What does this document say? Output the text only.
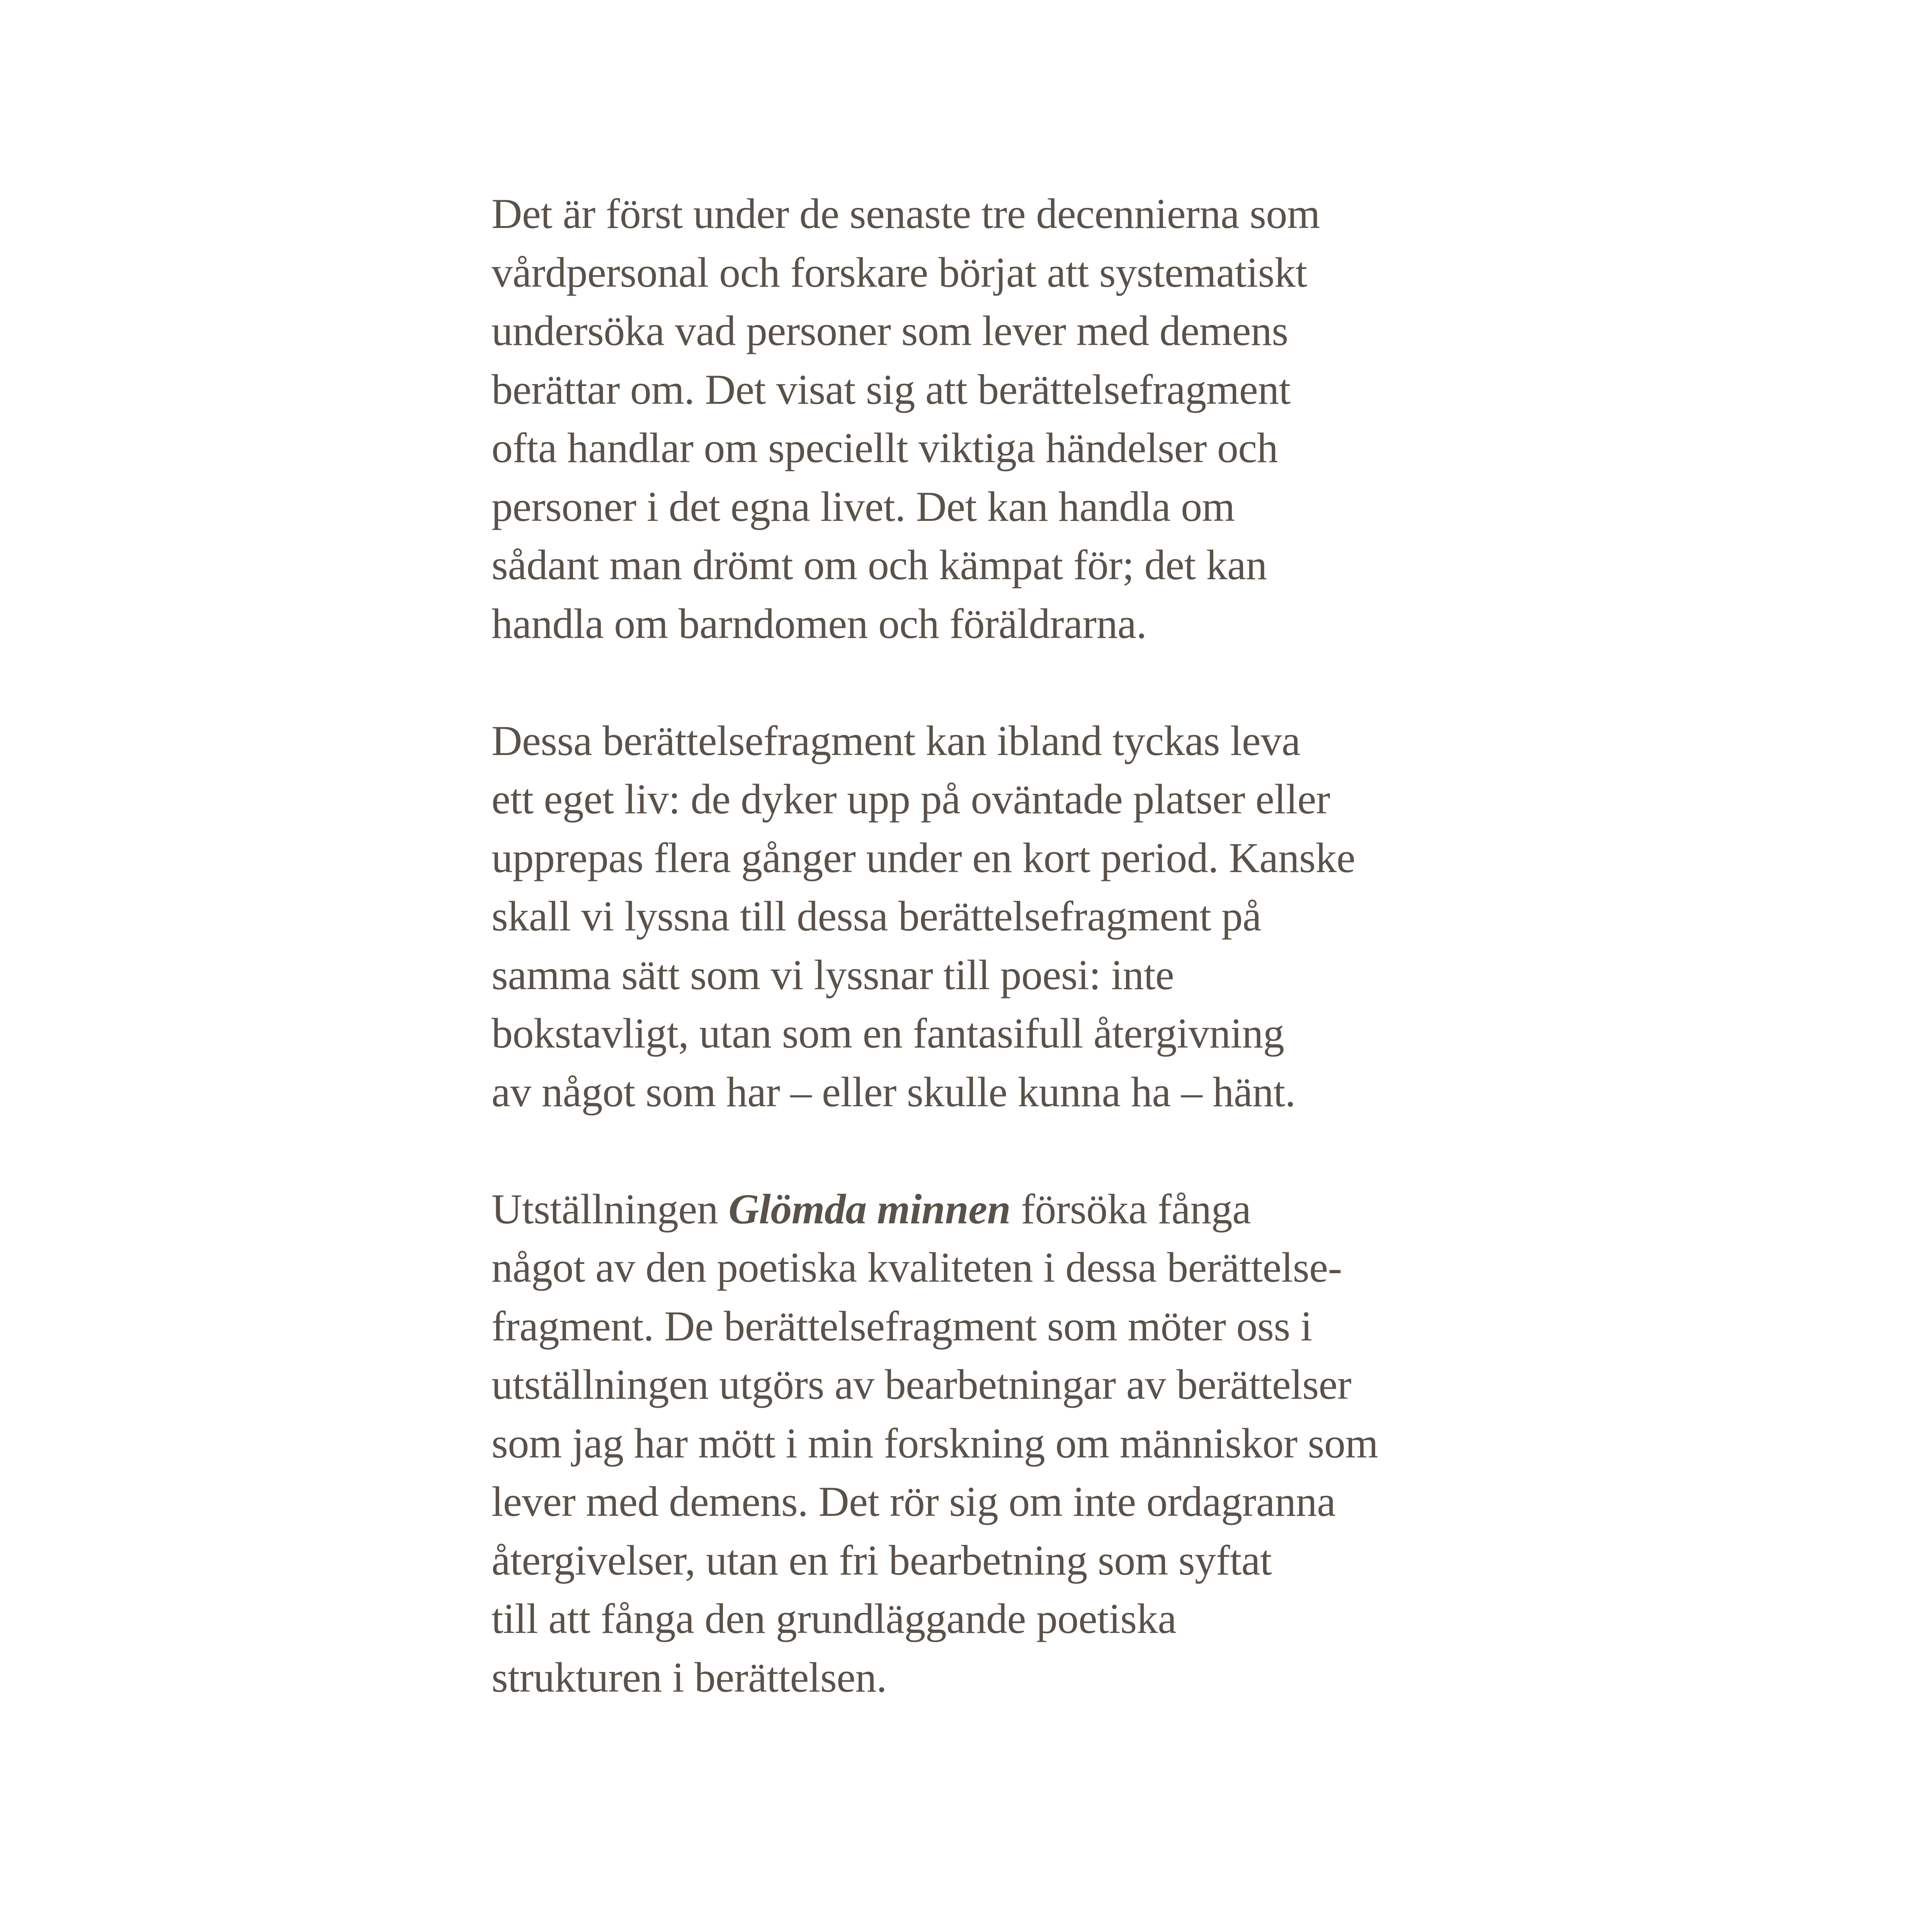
Det är först under de senaste tre decennierna som
vårdpersonal och forskare börjat att systematiskt
undersöka vad personer som lever med demens
berättar om. Det visat sig att berättelsefragment
ofta handlar om speciellt viktiga händelser och
personer i det egna livet. Det kan handla om
sådant man drömt om och kämpat för; det kan
handla om barndomen och föräldrarna.

Dessa berättelsefragment kan ibland tyckas leva
ett eget liv: de dyker upp på oväntade platser eller
upprepas flera gånger under en kort period. Kanske
skall vi lyssna till dessa berättelsefragment på
samma sätt som vi lyssnar till poesi: inte
bokstavligt, utan som en fantasifull återgivning
av något som har – eller skulle kunna ha – hänt.

Utställningen Glömda minnen försöka fånga
något av den poetiska kvaliteten i dessa berättelse-
fragment. De berättelsefragment som möter oss i
utställningen utgörs av bearbetningar av berättelser
som jag har mött i min forskning om människor som
lever med demens. Det rör sig om inte ordagranna
återgivelser, utan en fri bearbetning som syftat
till att fånga den grundläggande poetiska
strukturen i berättelsen.
